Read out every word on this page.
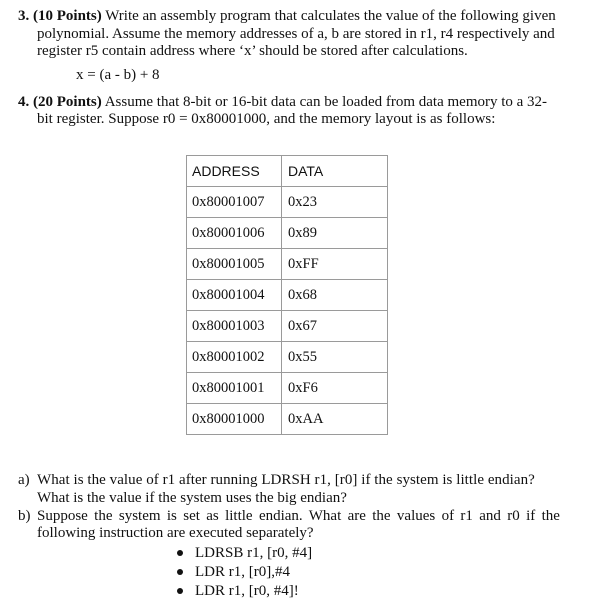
3. (10 Points) Write an assembly program that calculates the value of the following given
polynomial. Assume the memory addresses of a, b are stored in r1, r4 respectively and
register r5 contain address where ‘x’ should be stored after calculations.
x = (a - b) + 8
4. (20 Points) Assume that 8-bit or 16-bit data can be loaded from data memory to a 32-
bit register. Suppose r0 = 0x80001000, and the memory layout is as follows:
ADDRESS	DATA
0x80001007	0x23
0x80001006	0x89
0x80001005	0xFF
0x80001004	0x68
0x80001003	0x67
0x80001002	0x55
0x80001001	0xF6
0x80001000	0xAA
a) What is the value of r1 after running LDRSH r1, [r0] if the system is little endian?
What is the value if the system uses the big endian?
b) Suppose the system is set as little endian. What are the values of r1 and r0 if the
following instruction are executed separately?
LDRSB r1, [r0, #4]
LDR r1, [r0],#4
LDR r1, [r0, #4]!
